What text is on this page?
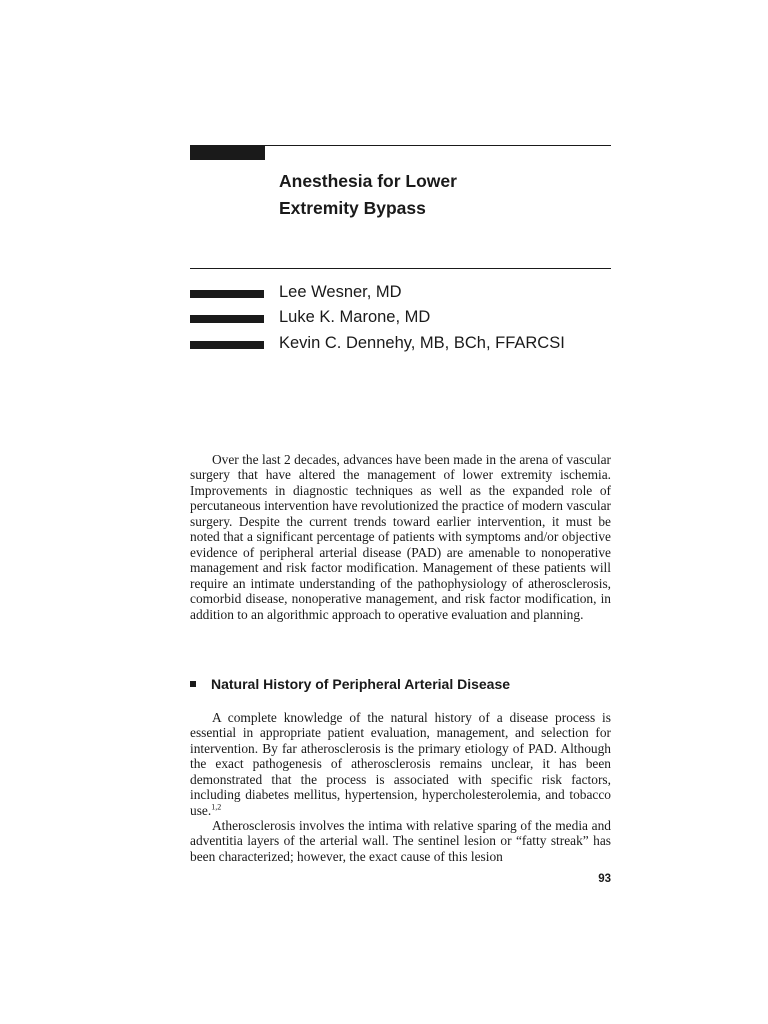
Anesthesia for Lower
Extremity Bypass
Lee Wesner, MD
Luke K. Marone, MD
Kevin C. Dennehy, MB, BCh, FFARCSI

Over the last 2 decades, advances have been made in the arena of vascular surgery that have altered the management of lower extremity ischemia. Improvements in diagnostic techniques as well as the expanded role of percutaneous intervention have revolutionized the practice of modern vascular surgery. Despite the current trends toward earlier intervention, it must be noted that a significant percentage of patients with symptoms and/or objective evidence of peripheral arterial disease (PAD) are amenable to nonoperative management and risk factor modification. Management of these patients will require an intimate understanding of the pathophysiology of atherosclerosis, comorbid disease, nonoperative management, and risk factor modification, in addition to an algorithmic approach to operative evaluation and planning.

Natural History of Peripheral Arterial Disease

A complete knowledge of the natural history of a disease process is essential in appropriate patient evaluation, management, and selection for intervention. By far atherosclerosis is the primary etiology of PAD. Although the exact pathogenesis of atherosclerosis remains unclear, it has been demonstrated that the process is associated with specific risk factors, including diabetes mellitus, hypertension, hypercholesterolemia, and tobacco use.$^{1,2}$

Atherosclerosis involves the intima with relative sparing of the media and adventitia layers of the arterial wall. The sentinel lesion or “fatty streak” has been characterized; however, the exact cause of this lesion

93
